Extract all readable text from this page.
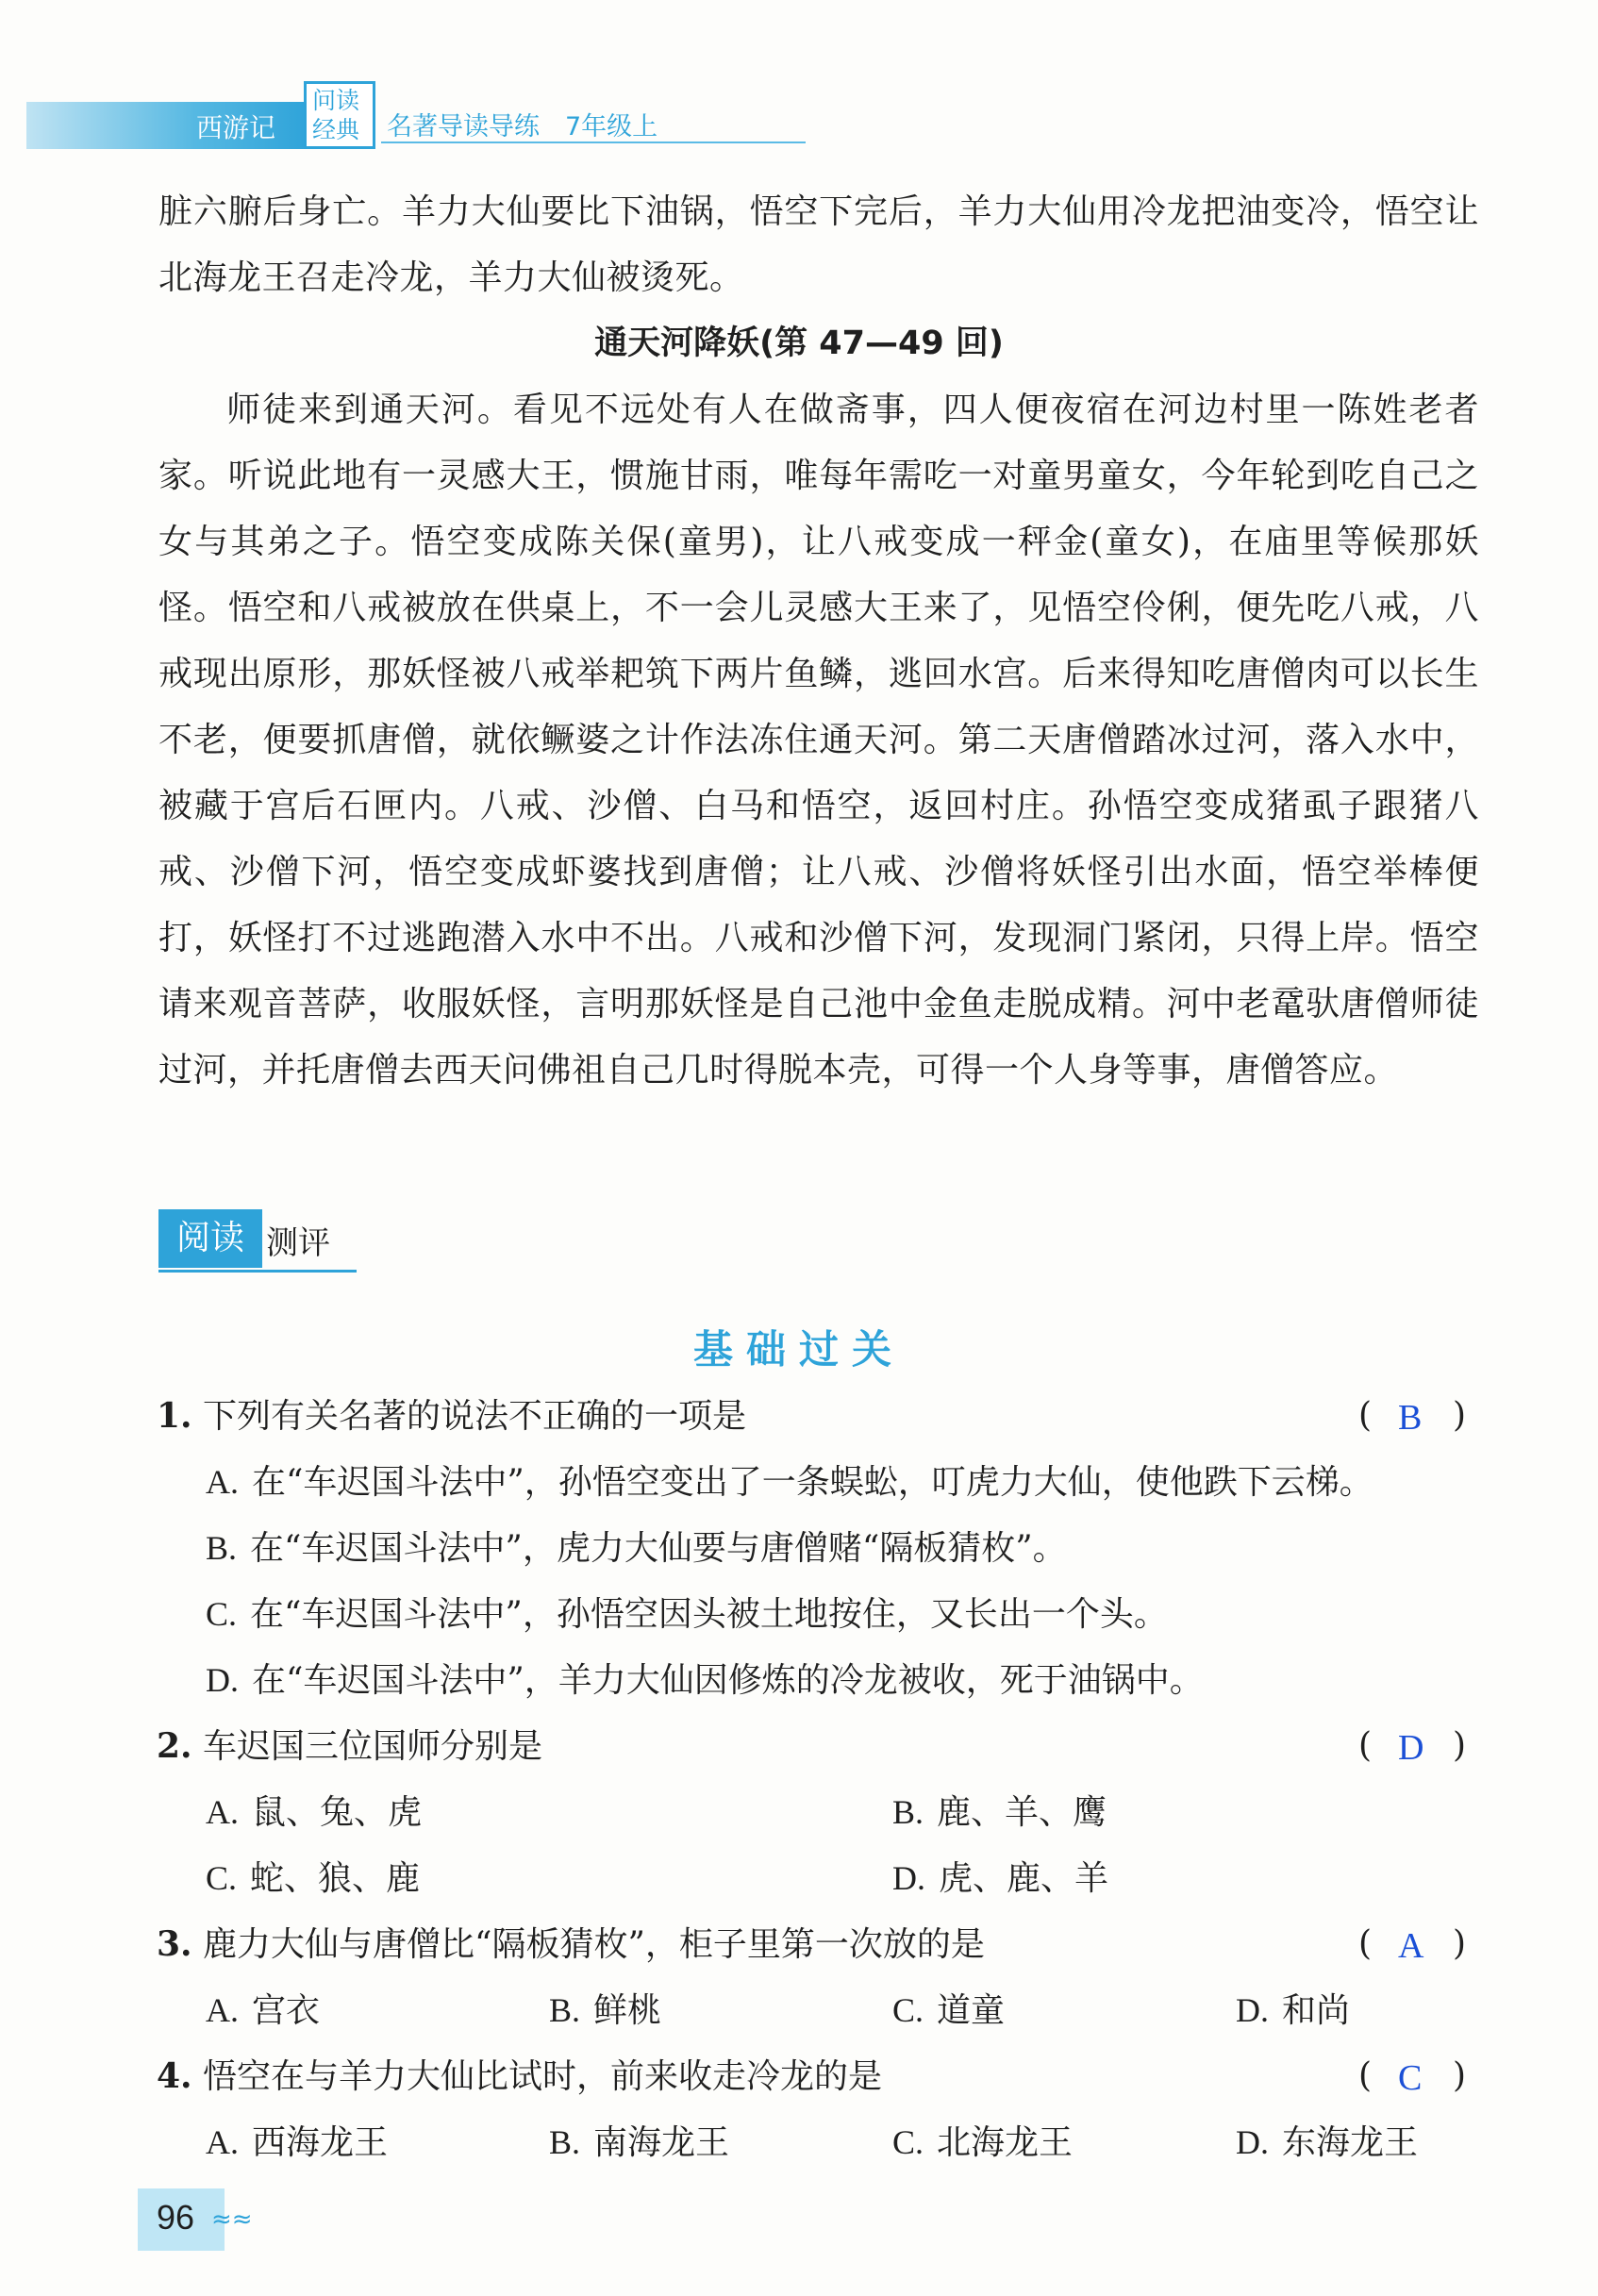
西游记
问读
经典 名著导读导练　7年级上

脏六腑后身亡。羊力大仙要比下油锅，悟空下完后，羊力大仙用冷龙把油变冷，悟空让北海龙王召走冷龙，羊力大仙被烫死。

通天河降妖(第 47—49 回)

师徒来到通天河。看见不远处有人在做斋事，四人便夜宿在河边村里一陈姓老者家。听说此地有一灵感大王，惯施甘雨，唯每年需吃一对童男童女，今年轮到吃自己之女与其弟之子。悟空变成陈关保(童男)，让八戒变成一秤金(童女)，在庙里等候那妖怪。悟空和八戒被放在供桌上，不一会儿灵感大王来了，见悟空伶俐，便先吃八戒，八戒现出原形，那妖怪被八戒举耙筑下两片鱼鳞，逃回水宫。后来得知吃唐僧肉可以长生不老，便要抓唐僧，就依鳜婆之计作法冻住通天河。第二天唐僧踏冰过河，落入水中，被藏于宫后石匣内。八戒、沙僧、白马和悟空，返回村庄。孙悟空变成猪虱子跟猪八戒、沙僧下河，悟空变成虾婆找到唐僧；让八戒、沙僧将妖怪引出水面，悟空举棒便打，妖怪打不过逃跑潜入水中不出。八戒和沙僧下河，发现洞门紧闭，只得上岸。悟空请来观音菩萨，收服妖怪，言明那妖怪是自己池中金鱼走脱成精。河中老鼋驮唐僧师徒过河，并托唐僧去西天问佛祖自己几时得脱本壳，可得一个人身等事，唐僧答应。

阅读 测评
基础过关
1. 下列有关名著的说法不正确的一项是	( B )
A. 在“车迟国斗法中”，孙悟空变出了一条蜈蚣，叮虎力大仙，使他跌下云梯。
B. 在“车迟国斗法中”，虎力大仙要与唐僧赌“隔板猜枚”。
C. 在“车迟国斗法中”，孙悟空因头被土地按住，又长出一个头。
D. 在“车迟国斗法中”，羊力大仙因修炼的冷龙被收，死于油锅中。
2. 车迟国三位国师分别是	( D )
A. 鼠、兔、虎	B. 鹿、羊、鹰
C. 蛇、狼、鹿	D. 虎、鹿、羊
3. 鹿力大仙与唐僧比“隔板猜枚”，柜子里第一次放的是	( A )
A. 宫衣	B. 鲜桃	C. 道童	D. 和尚
4. 悟空在与羊力大仙比试时，前来收走冷龙的是	( C )
A. 西海龙王	B. 南海龙王	C. 北海龙王	D. 东海龙王
96 ≈≈
